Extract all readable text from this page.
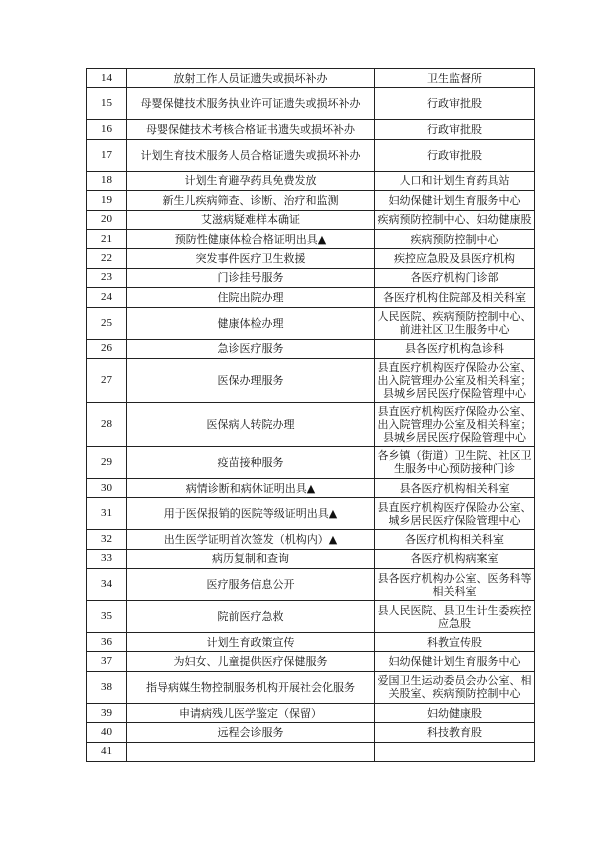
14	放射工作人员证遗失或损坏补办	卫生监督所
15	母婴保健技术服务执业许可证遗失或损坏补办	行政审批股
16	母婴保健技术考核合格证书遗失或损坏补办	行政审批股
17	计划生育技术服务人员合格证遗失或损坏补办	行政审批股
18	计划生育避孕药具免费发放	人口和计划生育药具站
19	新生儿疾病筛查、诊断、治疗和监测	妇幼保健计划生育服务中心
20	艾滋病疑难样本确证	疾病预防控制中心、妇幼健康股
21	预防性健康体检合格证明出具▲	疾病预防控制中心
22	突发事件医疗卫生救援	疾控应急股及县医疗机构
23	门诊挂号服务	各医疗机构门诊部
24	住院出院办理	各医疗机构住院部及相关科室
25	健康体检办理	人民医院、疾病预防控制中心、前进社区卫生服务中心
26	急诊医疗服务	县各医疗机构急诊科
27	医保办理服务	县直医疗机构医疗保险办公室、出入院管理办公室及相关科室；县城乡居民医疗保险管理中心
28	医保病人转院办理	县直医疗机构医疗保险办公室、出入院管理办公室及相关科室；县城乡居民医疗保险管理中心
29	疫苗接种服务	各乡镇（街道）卫生院、社区卫生服务中心预防接种门诊
30	病情诊断和病休证明出具▲	县各医疗机构相关科室
31	用于医保报销的医院等级证明出具▲	县直医疗机构医疗保险办公室、城乡居民医疗保险管理中心
32	出生医学证明首次签发（机构内）▲	各医疗机构相关科室
33	病历复制和查询	各医疗机构病案室
34	医疗服务信息公开	县各医疗机构办公室、医务科等相关科室
35	院前医疗急救	县人民医院、县卫生计生委疾控应急股
36	计划生育政策宣传	科教宣传股
37	为妇女、儿童提供医疗保健服务	妇幼保健计划生育服务中心
38	指导病媒生物控制服务机构开展社会化服务	爱国卫生运动委员会办公室、相关股室、疾病预防控制中心
39	申请病残儿医学鉴定（保留）	妇幼健康股
40	远程会诊服务	科技教育股
41		
